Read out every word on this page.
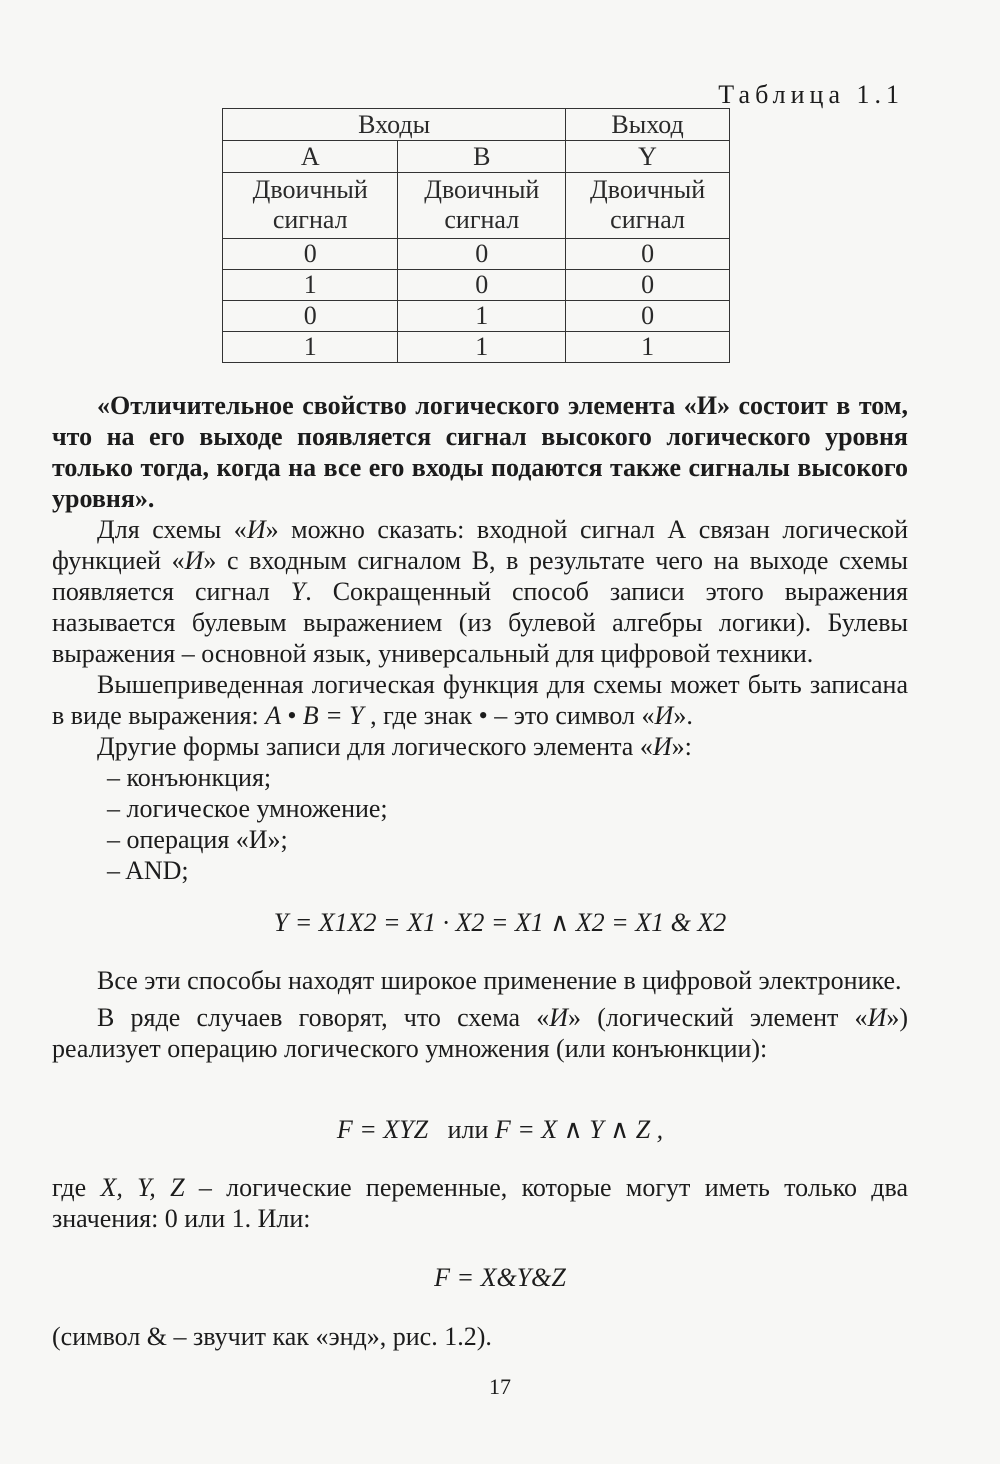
Таблица 1.1
Входы		Выход
A	B	Y
Двоичный сигнал	Двоичный сигнал	Двоичный сигнал
0	0	0
1	0	0
0	1	0
1	1	1

«Отличительное свойство логического элемента «И» состоит в том, что на его выходе появляется сигнал высокого логического уровня только тогда, когда на все его входы подаются также сигналы высокого уровня».

Для схемы «И» можно сказать: входной сигнал А связан логической функцией «И» с входным сигналом В, в результате чего на выходе схемы появляется сигнал Y. Сокращенный способ записи этого выражения называется булевым выражением (из булевой алгебры логики). Булевы выражения – основной язык, универсальный для цифровой техники.

Вышеприведенная логическая функция для схемы может быть записана в виде выражения: A • B = Y , где знак • – это символ «И».

Другие формы записи для логического элемента «И»:

– конъюнкция;

– логическое умножение;

– операция «И»;

– AND;

Y = X1X2 = X1 · X2 = X1 ∧ X2 = X1 & X2

Все эти способы находят широкое применение в цифровой электронике.

В ряде случаев говорят, что схема «И» (логический элемент «И») реализует операцию логического умножения (или конъюнкции):

F = XYZ или F = X ∧ Y ∧ Z ,

где X, Y, Z – логические переменные, которые могут иметь только два значения: 0 или 1. Или:

F = X&Y&Z

(символ & – звучит как «энд», рис. 1.2).

17
